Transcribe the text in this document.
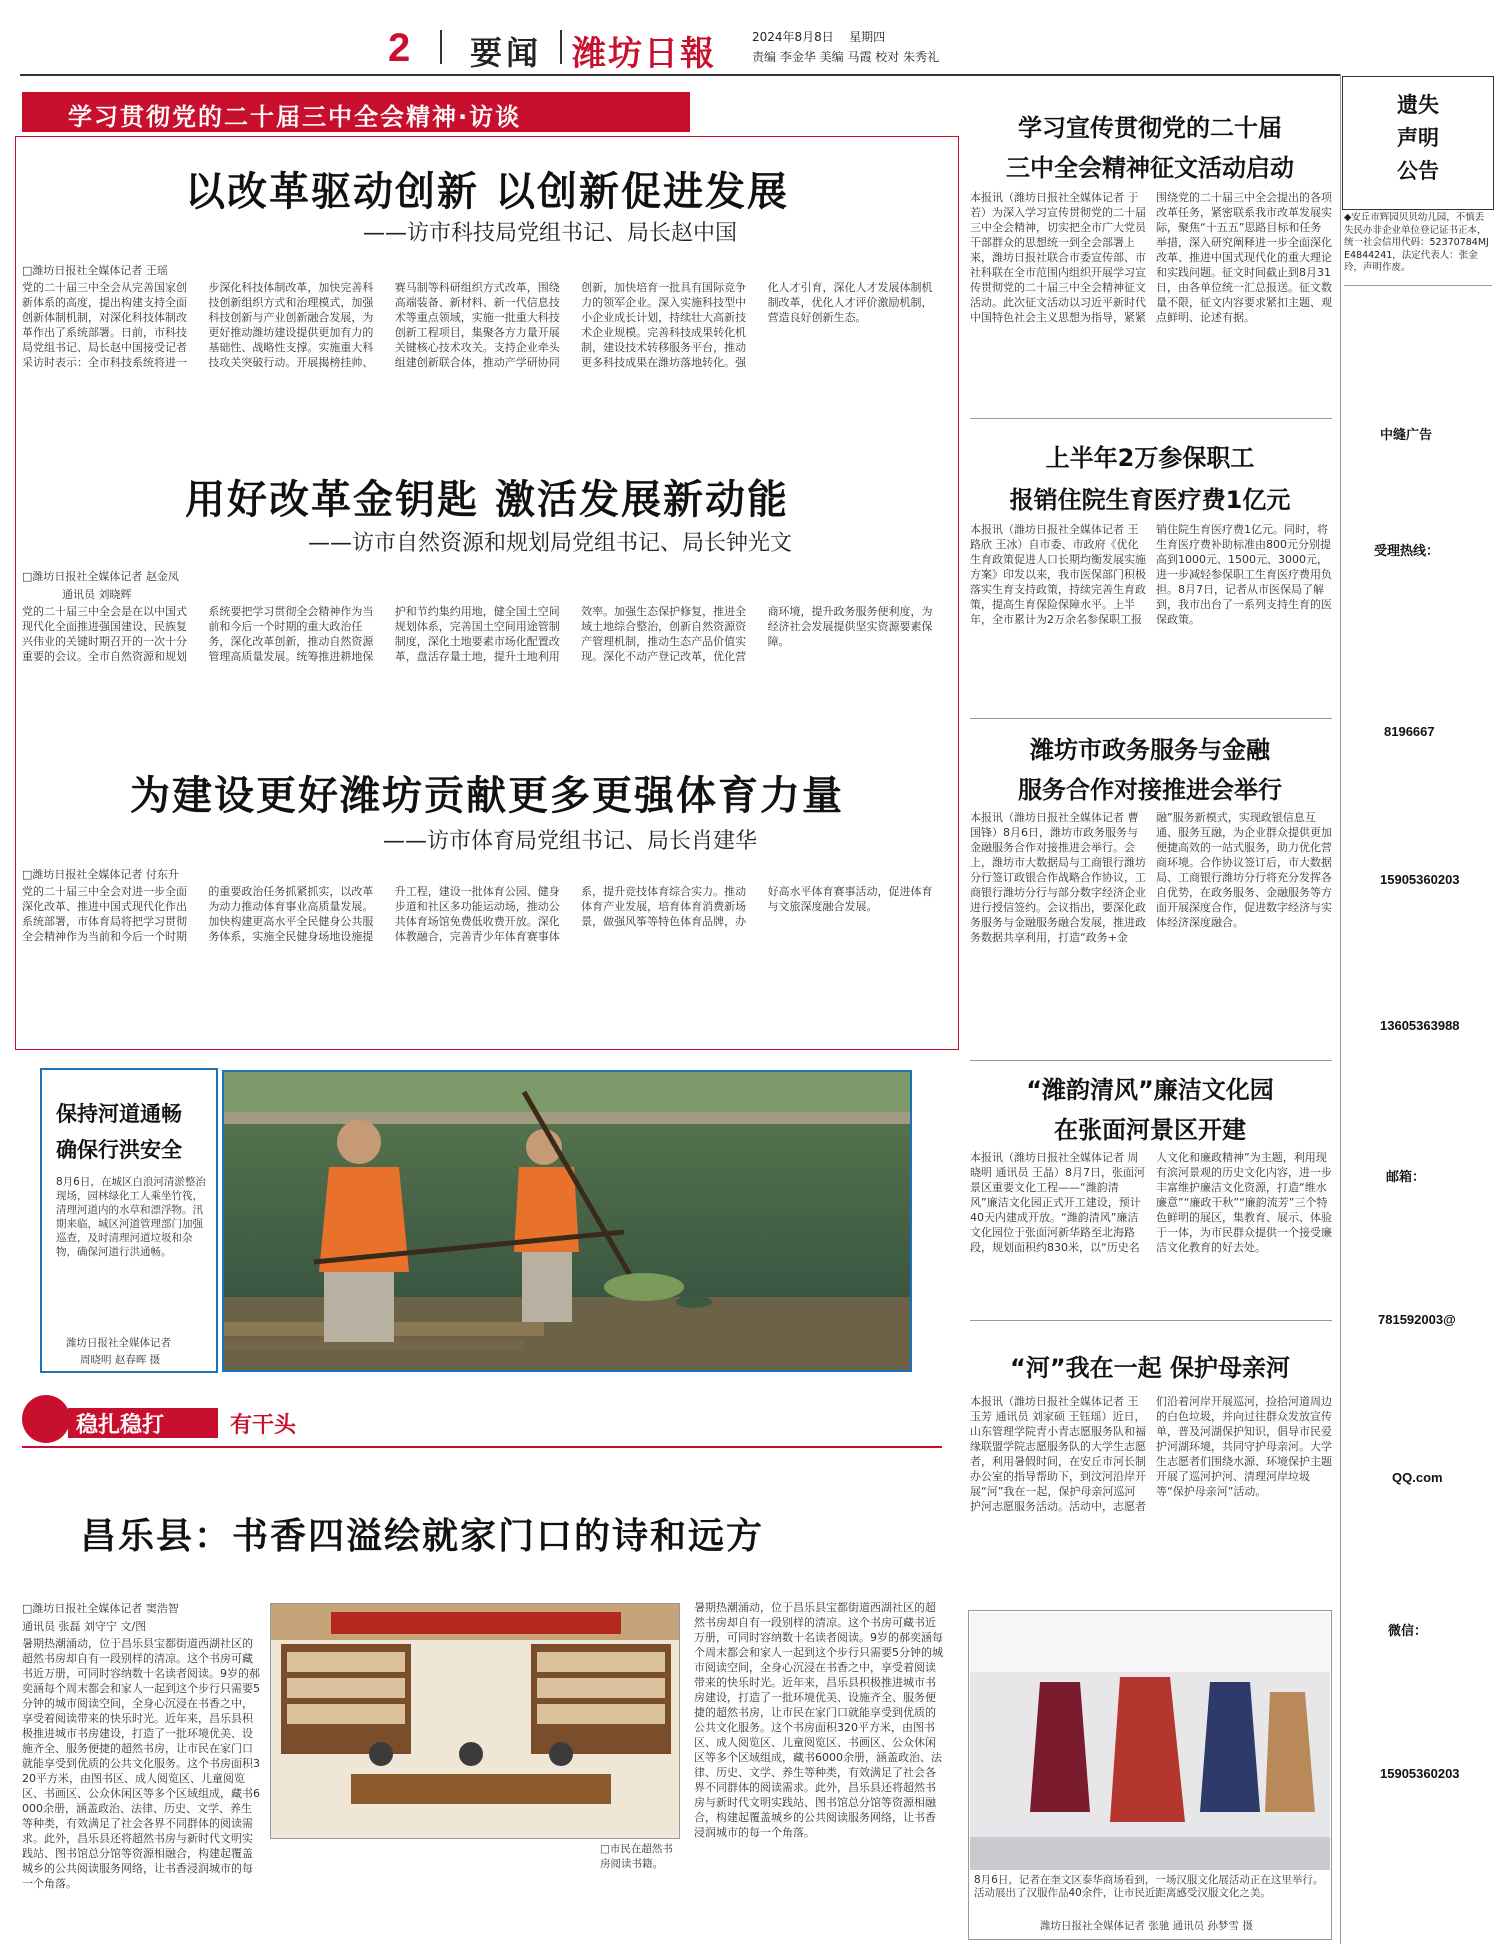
2 要闻 潍坊日報	2024年8月8日 星期四
责编 李金华 美编 马霞 校对 朱秀礼
学习贯彻党的二十届三中全会精神·访谈
以改革驱动创新 以创新促进发展
——访市科技局党组书记、局长赵中国
□潍坊日报社全媒体记者 王瑶
党的二十届三中全会从完善国家创新体系的高度，提出构建支持全面创新体制机制，对深化科技体制改革作出了系统部署。日前，市科技局党组书记、局长赵中国接受记者采访时表示：全市科技系统将进一步深化科技体制改革，加快完善科技创新组织方式和治理模式，加强科技创新与产业创新融合发展，为更好推动潍坊建设提供更加有力的基础性、战略性支撑。实施重大科技攻关突破行动。开展揭榜挂帅、赛马制等科研组织方式改革，围绕高端装备、新材料、新一代信息技术等重点领域，实施一批重大科技创新工程项目，集聚各方力量开展关键核心技术攻关。支持企业牵头组建创新联合体，推动产学研协同创新，加快培育一批具有国际竞争力的领军企业。深入实施科技型中小企业成长计划，持续壮大高新技术企业规模。完善科技成果转化机制，建设技术转移服务平台，推动更多科技成果在潍坊落地转化。强化人才引育，深化人才发展体制机制改革，优化人才评价激励机制，营造良好创新生态。
用好改革金钥匙 激活发展新动能
——访市自然资源和规划局党组书记、局长钟光文
□潍坊日报社全媒体记者 赵金凤
通讯员 刘晓辉
党的二十届三中全会是在以中国式现代化全面推进强国建设、民族复兴伟业的关键时期召开的一次十分重要的会议。全市自然资源和规划系统要把学习贯彻全会精神作为当前和今后一个时期的重大政治任务，深化改革创新，推动自然资源管理高质量发展。统筹推进耕地保护和节约集约用地，健全国土空间规划体系，完善国土空间用途管制制度，深化土地要素市场化配置改革，盘活存量土地，提升土地利用效率。加强生态保护修复，推进全域土地综合整治，创新自然资源资产管理机制，推动生态产品价值实现。深化不动产登记改革，优化营商环境，提升政务服务便利度，为经济社会发展提供坚实资源要素保障。
为建设更好潍坊贡献更多更强体育力量
——访市体育局党组书记、局长肖建华
□潍坊日报社全媒体记者 付东升
党的二十届三中全会对进一步全面深化改革、推进中国式现代化作出系统部署，市体育局将把学习贯彻全会精神作为当前和今后一个时期的重要政治任务抓紧抓实，以改革为动力推动体育事业高质量发展。加快构建更高水平全民健身公共服务体系，实施全民健身场地设施提升工程，建设一批体育公园、健身步道和社区多功能运动场，推动公共体育场馆免费低收费开放。深化体教融合，完善青少年体育赛事体系，提升竞技体育综合实力。推动体育产业发展，培育体育消费新场景，做强风筝等特色体育品牌，办好高水平体育赛事活动，促进体育与文旅深度融合发展。
保持河道通畅
确保行洪安全
8月6日，在城区白浪河清淤整治现场，园林绿化工人乘坐竹筏，清理河道内的水草和漂浮物。汛期来临，城区河道管理部门加强巡查，及时清理河道垃圾和杂物，确保河道行洪通畅。
潍坊日报社全媒体记者
周晓明 赵春晖 摄
稳扎稳打	有干头
昌乐县：书香四溢绘就家门口的诗和远方
□潍坊日报社全媒体记者 窦浩智
通讯员 张磊 刘守宁 文/图
暑期热潮涌动，位于昌乐县宝都街道西湖社区的超然书房却自有一段别样的清凉。这个书房可藏书近万册，可同时容纳数十名读者阅读。9岁的郝奕涵每个周末都会和家人一起到这个步行只需要5分钟的城市阅读空间，全身心沉浸在书香之中，享受着阅读带来的快乐时光。近年来，昌乐县积极推进城市书房建设，打造了一批环境优美、设施齐全、服务便捷的超然书房，让市民在家门口就能享受到优质的公共文化服务。这个书房面积320平方米，由图书区、成人阅览区、儿童阅览区、书画区、公众休闲区等多个区域组成，藏书6000余册，涵盖政治、法律、历史、文学、养生等种类，有效满足了社会各界不同群体的阅读需求。此外，昌乐县还将超然书房与新时代文明实践站、图书馆总分馆等资源相融合，构建起覆盖城乡的公共阅读服务网络，让书香浸润城市的每一个角落。
暑期热潮涌动，位于昌乐县宝都街道西湖社区的超然书房却自有一段别样的清凉。这个书房可藏书近万册，可同时容纳数十名读者阅读。9岁的郝奕涵每个周末都会和家人一起到这个步行只需要5分钟的城市阅读空间，全身心沉浸在书香之中，享受着阅读带来的快乐时光。近年来，昌乐县积极推进城市书房建设，打造了一批环境优美、设施齐全、服务便捷的超然书房，让市民在家门口就能享受到优质的公共文化服务。这个书房面积320平方米，由图书区、成人阅览区、儿童阅览区、书画区、公众休闲区等多个区域组成，藏书6000余册，涵盖政治、法律、历史、文学、养生等种类，有效满足了社会各界不同群体的阅读需求。此外，昌乐县还将超然书房与新时代文明实践站、图书馆总分馆等资源相融合，构建起覆盖城乡的公共阅读服务网络，让书香浸润城市的每一个角落。
□市民在超然书房阅读书籍。
学习宣传贯彻党的二十届
三中全会精神征文活动启动
本报讯（潍坊日报社全媒体记者 于若）为深入学习宣传贯彻党的二十届三中全会精神，切实把全市广大党员干部群众的思想统一到全会部署上来，潍坊日报社联合市委宣传部、市社科联在全市范围内组织开展学习宣传贯彻党的二十届三中全会精神征文活动。此次征文活动以习近平新时代中国特色社会主义思想为指导，紧紧围绕党的二十届三中全会提出的各项改革任务，紧密联系我市改革发展实际，聚焦“十五五”思路目标和任务举措，深入研究阐释进一步全面深化改革、推进中国式现代化的重大理论和实践问题。征文时间截止到8月31日，由各单位统一汇总报送。征文数量不限，征文内容要求紧扣主题、观点鲜明、论述有据。
上半年2万参保职工
报销住院生育医疗费1亿元
本报讯（潍坊日报社全媒体记者 王路欣 王冰）自市委、市政府《优化生育政策促进人口长期均衡发展实施方案》印发以来，我市医保部门积极落实生育支持政策，持续完善生育政策，提高生育保险保障水平。上半年，全市累计为2万余名参保职工报销住院生育医疗费1亿元。同时，将生育医疗费补助标准由800元分别提高到1000元、1500元、3000元，进一步减轻参保职工生育医疗费用负担。8月7日，记者从市医保局了解到，我市出台了一系列支持生育的医保政策。
潍坊市政务服务与金融
服务合作对接推进会举行
本报讯（潍坊日报社全媒体记者 曹国锋）8月6日，潍坊市政务服务与金融服务合作对接推进会举行。会上，潍坊市大数据局与工商银行潍坊分行签订政银合作战略合作协议，工商银行潍坊分行与部分数字经济企业进行授信签约。会议指出，要深化政务服务与金融服务融合发展，推进政务数据共享利用，打造“政务+金融”服务新模式，实现政银信息互通、服务互融，为企业群众提供更加便捷高效的一站式服务，助力优化营商环境。合作协议签订后，市大数据局、工商银行潍坊分行将充分发挥各自优势，在政务服务、金融服务等方面开展深度合作，促进数字经济与实体经济深度融合。
“潍韵清风”廉洁文化园
在张面河景区开建
本报讯（潍坊日报社全媒体记者 周晓明 通讯员 王晶）8月7日，张面河景区重要文化工程——“潍韵清风”廉洁文化园正式开工建设，预计40天内建成开放。“潍韵清风”廉洁文化园位于张面河新华路至北海路段，规划面积约830米，以“历史名人文化和廉政精神”为主题，利用现有滨河景观的历史文化内容，进一步丰富维护廉洁文化资源，打造“维水廉意”“廉政干秋”“廉韵流芳”三个特色鲜明的展区，集教育、展示、体验于一体，为市民群众提供一个接受廉洁文化教育的好去处。
“河”我在一起 保护母亲河
本报讯（潍坊日报社全媒体记者 王玉芳 通讯员 刘家硕 王钰瑶）近日，山东管理学院青小青志愿服务队和福缘联盟学院志愿服务队的大学生志愿者，利用暑假时间，在安丘市河长制办公室的指导帮助下，到汶河沿岸开展“河”我在一起，保护母亲河巡河护河志愿服务活动。活动中，志愿者们沿着河岸开展巡河，捡拾河道周边的白色垃圾，并向过往群众发放宣传单，普及河湖保护知识，倡导市民爱护河湖环境，共同守护母亲河。大学生志愿者们围绕水源、环境保护主题开展了巡河护河、清理河岸垃圾等“保护母亲河”活动。
8月6日，记者在奎文区泰华商场看到，一场汉服文化展活动正在这里举行。活动展出了汉服作品40余件，让市民近距离感受汉服文化之美。
潍坊日报社全媒体记者 张驰 通讯员 孙梦雪 摄
遗失
声明
公告
◆安丘市辉园贝贝幼儿园，不慎丢失民办非企业单位登记证书正本，统一社会信用代码：52370784MJE4844241，法定代表人：张金玲，声明作废。
中缝广告
受理热线：
8196667
15905360203
13605363988
邮箱：
781592003@
QQ.com
微信：
15905360203
